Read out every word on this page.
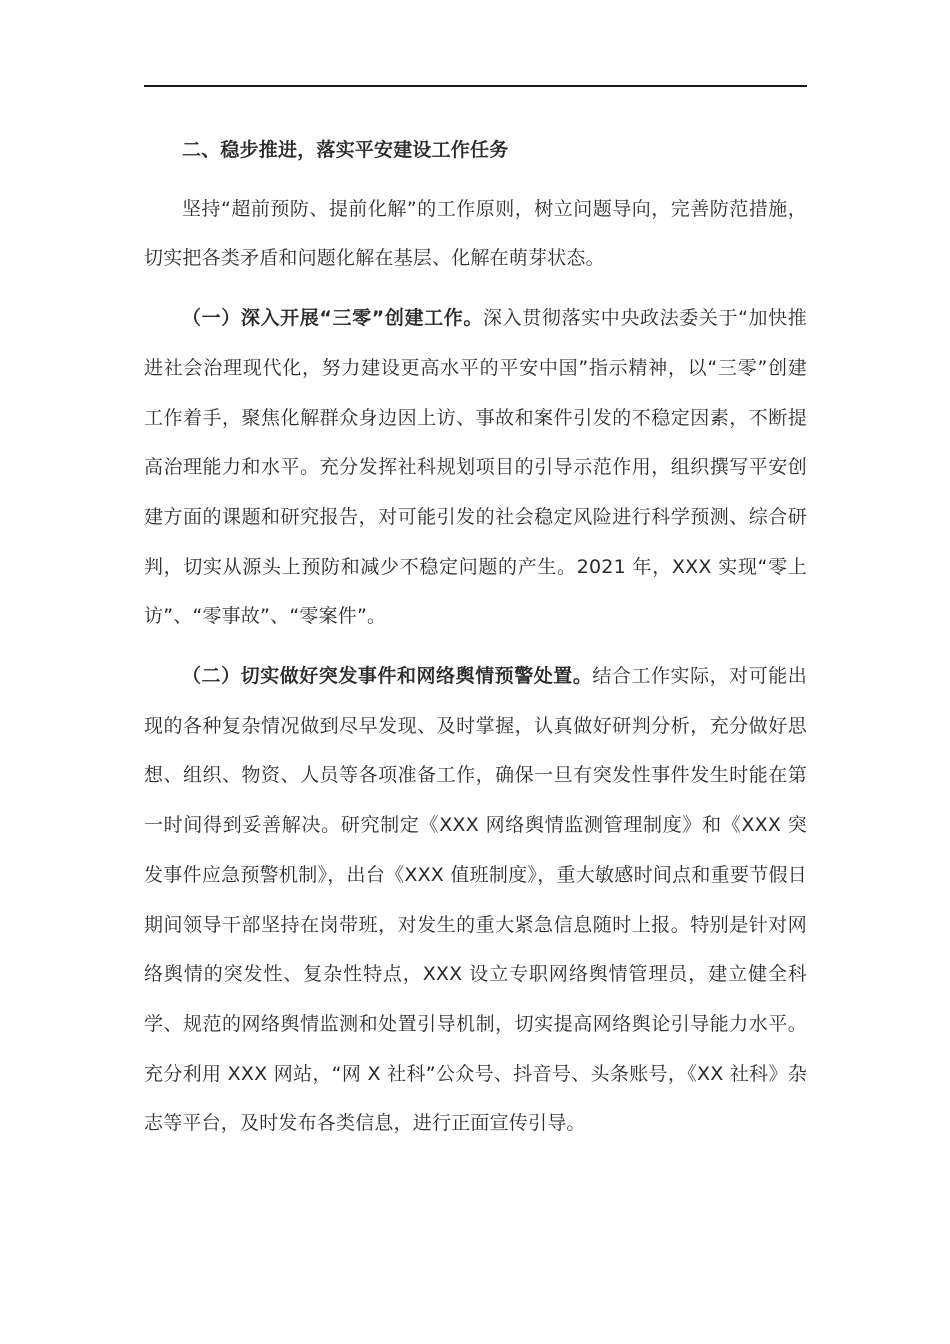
二、稳步推进，落实平安建设工作任务

坚持“超前预防、提前化解”的工作原则，树立问题导向，完善防范措施，切实把各类矛盾和问题化解在基层、化解在萌芽状态。

（一）深入开展“三零”创建工作。深入贯彻落实中央政法委关于“加快推进社会治理现代化，努力建设更高水平的平安中国”指示精神，以“三零”创建工作着手，聚焦化解群众身边因上访、事故和案件引发的不稳定因素，不断提高治理能力和水平。充分发挥社科规划项目的引导示范作用，组织撰写平安创建方面的课题和研究报告，对可能引发的社会稳定风险进行科学预测、综合研判，切实从源头上预防和减少不稳定问题的产生。2021 年，XXX 实现“零上访”、“零事故”、“零案件”。

（二）切实做好突发事件和网络舆情预警处置。结合工作实际，对可能出现的各种复杂情况做到尽早发现、及时掌握，认真做好研判分析，充分做好思想、组织、物资、人员等各项准备工作，确保一旦有突发性事件发生时能在第一时间得到妥善解决。研究制定《XXX 网络舆情监测管理制度》和《XXX 突发事件应急预警机制》，出台《XXX 值班制度》，重大敏感时间点和重要节假日期间领导干部坚持在岗带班，对发生的重大紧急信息随时上报。特别是针对网络舆情的突发性、复杂性特点，XXX 设立专职网络舆情管理员，建立健全科学、规范的网络舆情监测和处置引导机制，切实提高网络舆论引导能力水平。充分利用 XXX 网站，“网 X 社科”公众号、抖音号、头条账号，《XX 社科》杂志等平台，及时发布各类信息，进行正面宣传引导。
